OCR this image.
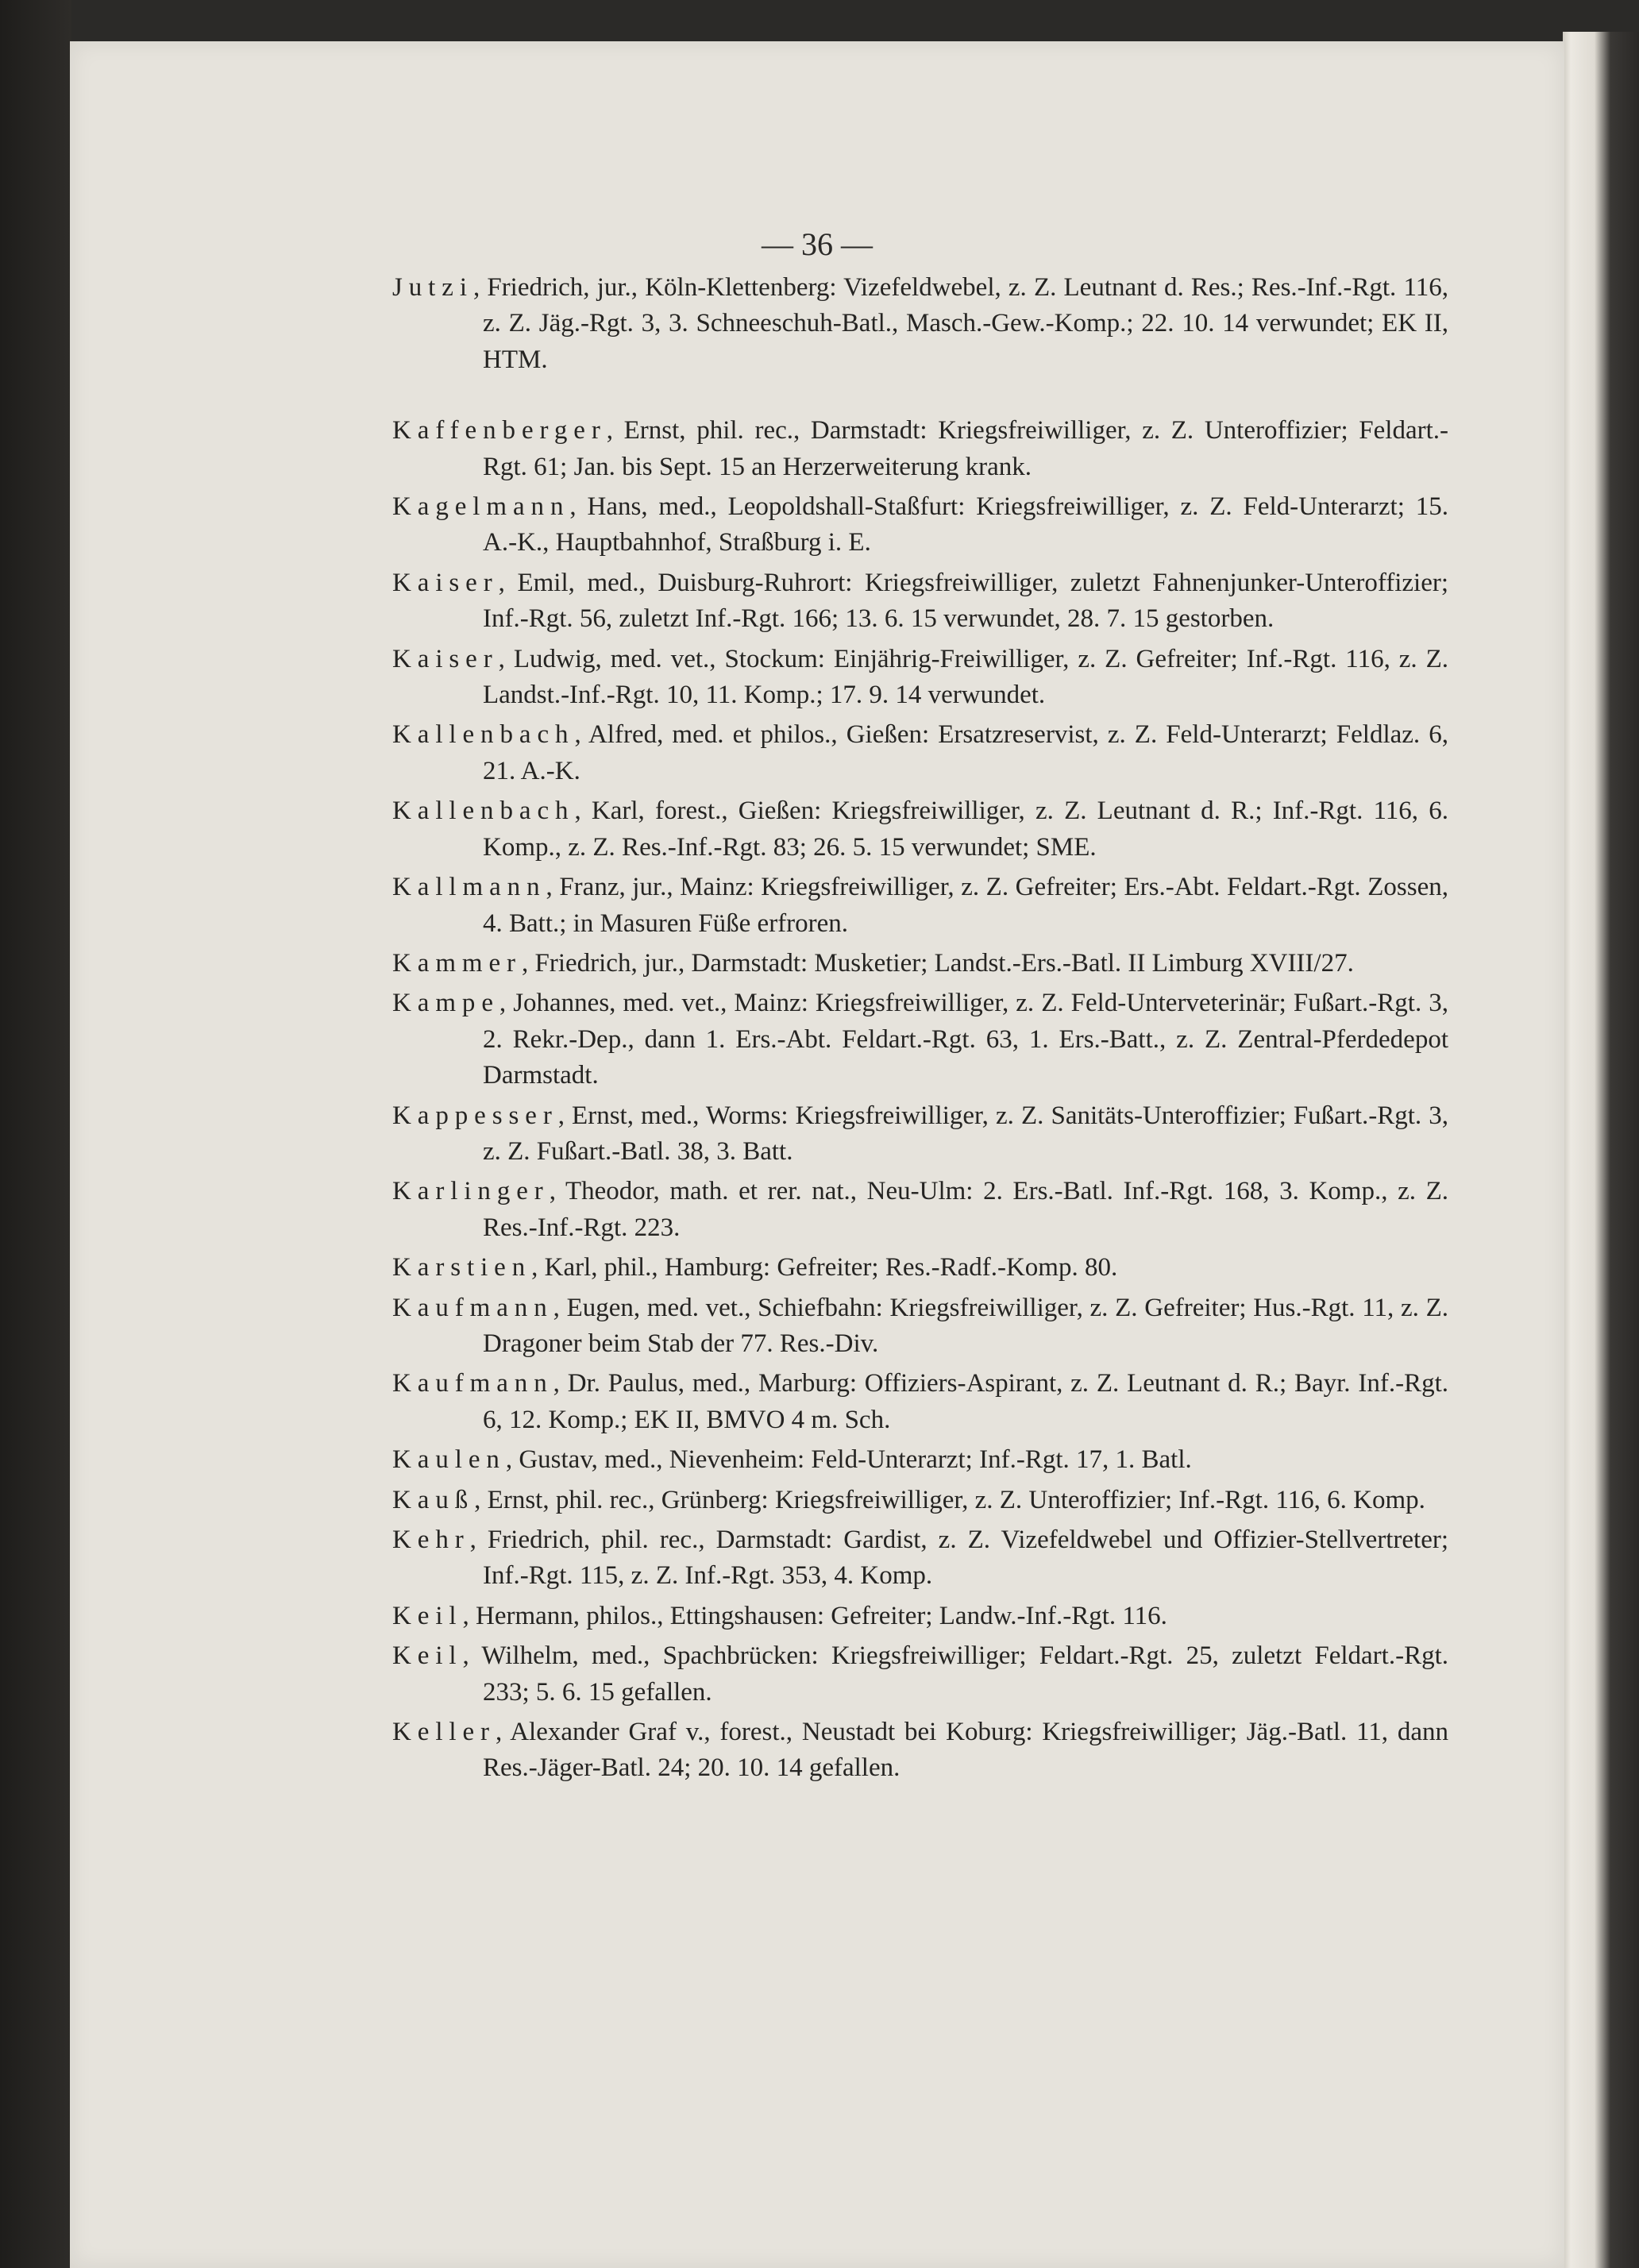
— 36 —

Jutzi, Friedrich, jur., Köln-Klettenberg: Vizefeldwebel, z. Z. Leutnant d. Res.; Res.-Inf.-Rgt. 116, z. Z. Jäg.-Rgt. 3, 3. Schneeschuh-Batl., Masch.-Gew.-Komp.; 22. 10. 14 verwundet; EK II, HTM.

Kaffenberger, Ernst, phil. rec., Darmstadt: Kriegsfreiwilliger, z. Z. Unteroffizier; Feldart.-Rgt. 61; Jan. bis Sept. 15 an Herzerweiterung krank.

Kagelmann, Hans, med., Leopoldshall-Staßfurt: Kriegsfreiwilliger, z. Z. Feld-Unterarzt; 15. A.-K., Hauptbahnhof, Straßburg i. E.

Kaiser, Emil, med., Duisburg-Ruhrort: Kriegsfreiwilliger, zuletzt Fahnenjunker-Unteroffizier; Inf.-Rgt. 56, zuletzt Inf.-Rgt. 166; 13. 6. 15 verwundet, 28. 7. 15 gestorben.

Kaiser, Ludwig, med. vet., Stockum: Einjährig-Freiwilliger, z. Z. Gefreiter; Inf.-Rgt. 116, z. Z. Landst.-Inf.-Rgt. 10, 11. Komp.; 17. 9. 14 verwundet.

Kallenbach, Alfred, med. et philos., Gießen: Ersatzreservist, z. Z. Feld-Unterarzt; Feldlaz. 6, 21. A.-K.

Kallenbach, Karl, forest., Gießen: Kriegsfreiwilliger, z. Z. Leutnant d. R.; Inf.-Rgt. 116, 6. Komp., z. Z. Res.-Inf.-Rgt. 83; 26. 5. 15 verwundet; SME.

Kallmann, Franz, jur., Mainz: Kriegsfreiwilliger, z. Z. Gefreiter; Ers.-Abt. Feldart.-Rgt. Zossen, 4. Batt.; in Masuren Füße erfroren.

Kammer, Friedrich, jur., Darmstadt: Musketier; Landst.-Ers.-Batl. II Limburg XVIII/27.

Kampe, Johannes, med. vet., Mainz: Kriegsfreiwilliger, z. Z. Feld-Unterveterinär; Fußart.-Rgt. 3, 2. Rekr.-Dep., dann 1. Ers.-Abt. Feldart.-Rgt. 63, 1. Ers.-Batt., z. Z. Zentral-Pferdedepot Darmstadt.

Kappesser, Ernst, med., Worms: Kriegsfreiwilliger, z. Z. Sanitäts-Unteroffizier; Fußart.-Rgt. 3, z. Z. Fußart.-Batl. 38, 3. Batt.

Karlinger, Theodor, math. et rer. nat., Neu-Ulm: 2. Ers.-Batl. Inf.-Rgt. 168, 3. Komp., z. Z. Res.-Inf.-Rgt. 223.

Karstien, Karl, phil., Hamburg: Gefreiter; Res.-Radf.-Komp. 80.

Kaufmann, Eugen, med. vet., Schiefbahn: Kriegsfreiwilliger, z. Z. Gefreiter; Hus.-Rgt. 11, z. Z. Dragoner beim Stab der 77. Res.-Div.

Kaufmann, Dr. Paulus, med., Marburg: Offiziers-Aspirant, z. Z. Leutnant d. R.; Bayr. Inf.-Rgt. 6, 12. Komp.; EK II, BMVO 4 m. Sch.

Kaulen, Gustav, med., Nievenheim: Feld-Unterarzt; Inf.-Rgt. 17, 1. Batl.

Kauß, Ernst, phil. rec., Grünberg: Kriegsfreiwilliger, z. Z. Unteroffizier; Inf.-Rgt. 116, 6. Komp.

Kehr, Friedrich, phil. rec., Darmstadt: Gardist, z. Z. Vizefeldwebel und Offizier-Stellvertreter; Inf.-Rgt. 115, z. Z. Inf.-Rgt. 353, 4. Komp.

Keil, Hermann, philos., Ettingshausen: Gefreiter; Landw.-Inf.-Rgt. 116.

Keil, Wilhelm, med., Spachbrücken: Kriegsfreiwilliger; Feldart.-Rgt. 25, zuletzt Feldart.-Rgt. 233; 5. 6. 15 gefallen.

Keller, Alexander Graf v., forest., Neustadt bei Koburg: Kriegsfreiwilliger; Jäg.-Batl. 11, dann Res.-Jäger-Batl. 24; 20. 10. 14 gefallen.
